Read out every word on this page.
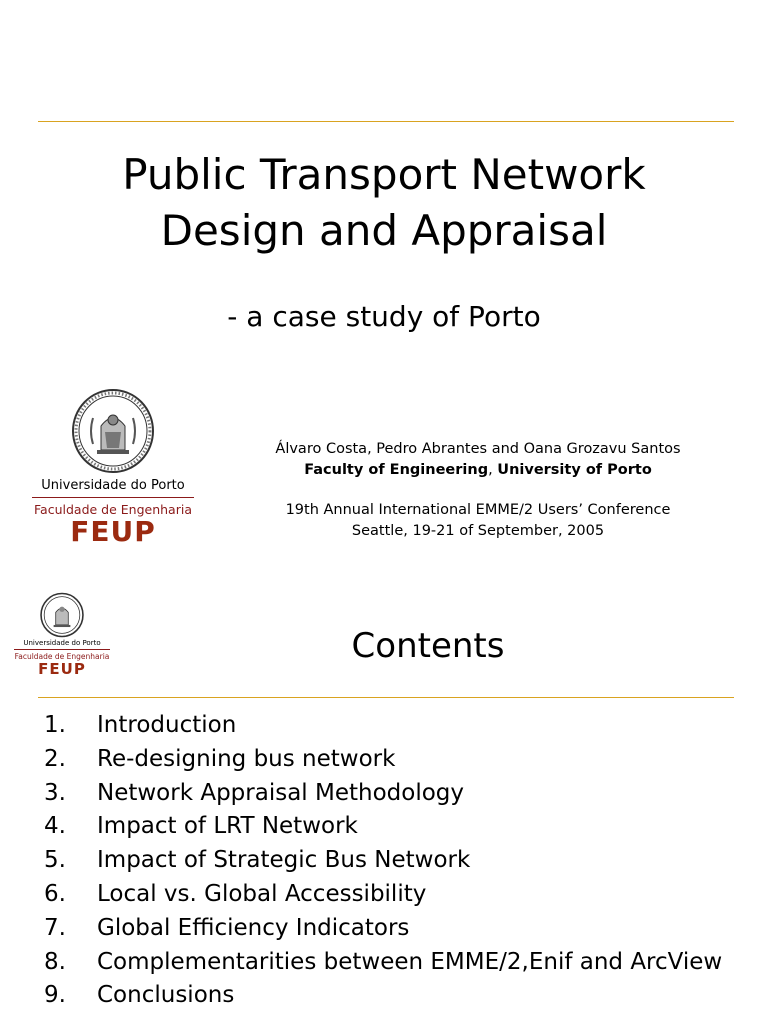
Public Transport Network
Design and Appraisal
- a case study of Porto
Universidade do Porto
Faculdade de Engenharia
FEUP
Álvaro Costa, Pedro Abrantes and Oana Grozavu Santos
Faculty of Engineering, University of Porto
19th Annual International EMME/2 Users’ Conference
Seattle, 19-21 of September, 2005
Universidade do Porto
Faculdade de Engenharia
FEUP
Contents
1. Introduction
2. Re-designing bus network
3. Network Appraisal Methodology
4. Impact of LRT Network
5. Impact of Strategic Bus Network
6. Local vs. Global Accessibility
7. Global Efficiency Indicators
8. Complementarities between EMME/2,Enif and ArcView
9. Conclusions
